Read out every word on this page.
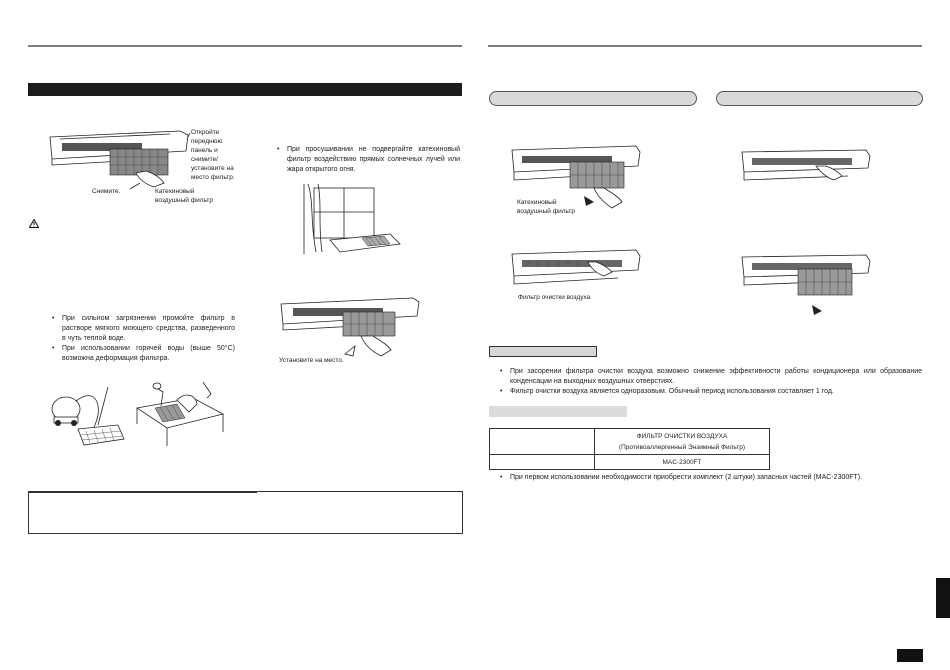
Откройте
переднюю
панель и
снимите/
установите на
место фильтр.
Снимите.	Катехиновый
воздушный фильтр
• При просушивании не подвергайте катехиновый фильтр воздействию прямых солнечных лучей или жара открытого огня.
• При сильном загрязнении промойте фильтр в растворе мягкого моющего средства, разведенного в чуть теплой воде.
• При использовании горячей воды (выше 50°C) возможна деформация фильтра.	Установите на место.
Катехиновый
воздушный фильтр
Фильтр очистки воздуха
• При засорении фильтра очистки воздуха возможно снижение эффективности работы кондиционера или образование конденсации на выходных воздушных отверстиях.
• Фильтр очистки воздуха является одноразовым. Обычный период использования составляет 1 год.

	ФИЛЬТР ОЧИСТКИ ВОЗДУХА
(Противоаллергенный Энзимный Фильтр)

	MAC-2300FT
• При первом использовании необходимости приобрести комплект (2 штуки) запасных частей (MAC-2300FT).
